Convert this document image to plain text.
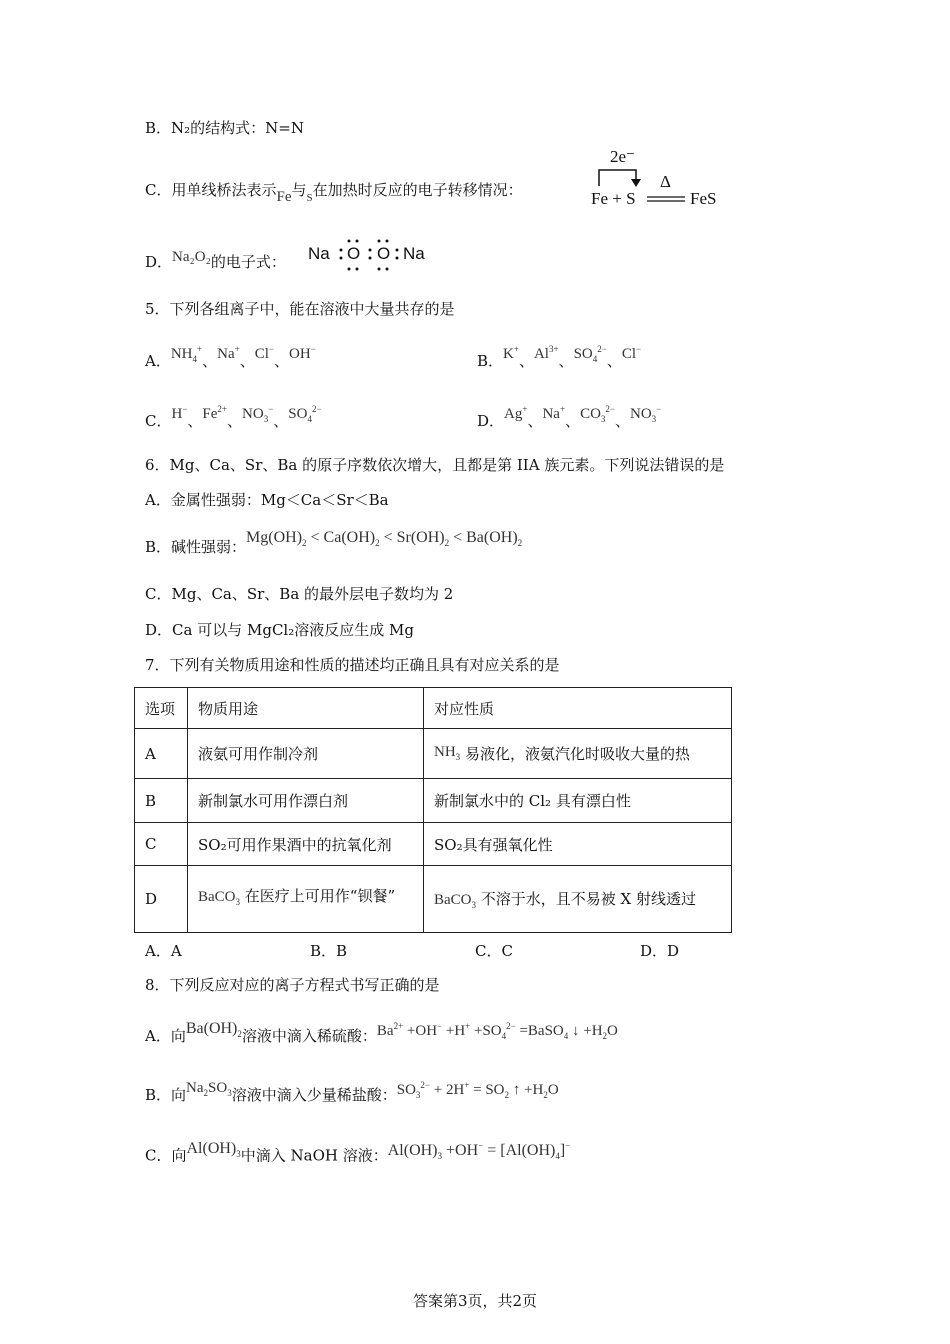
B．N₂的结构式：N=N
C．用单线桥法表示Fe与$_S$在加热时反应的电子转移情况：
2e⁻
Δ
Fe + S	FeS
D．Na₂O₂的电子式： Na O O Na
5．下列各组离子中，能在溶液中大量共存的是
A．$NH_4^+$、Na+、Cl−、OH−
B．K+、$Al^{3+}$、$SO_4^{2-}$、Cl−
C．H−、$Fe^{2+}$、$NO_3^-$、$SO_4^{2-}$
D．Ag+、Na+、$CO_3^{2-}$、$NO_3^-$
6．Mg、Ca、Sr、Ba 的原子序数依次增大，且都是第 IIA 族元素。下列说法错误的是
A．金属性强弱：Mg＜Ca＜Sr＜Ba
B．碱性强弱：$Mg(OH)_2 < Ca(OH)_2 < Sr(OH)_2 < Ba(OH)_2$
C．Mg、Ca、Sr、Ba 的最外层电子数均为 2
D．Ca 可以与 MgCl₂溶液反应生成 Mg
7．下列有关物质用途和性质的描述均正确且具有对应关系的是
选项	物质用途	对应性质
A	液氨可用作制冷剂	$NH_3$ 易液化，液氨汽化时吸收大量的热
B	新制氯水可用作漂白剂	新制氯水中的 Cl₂ 具有漂白性
C	SO₂可用作果酒中的抗氧化剂	SO₂具有强氧化性
D	BaCO$_3$ 在医疗上可用作“钡餐”	BaCO$_3$ 不溶于水，且不易被 X 射线透过
A．A	B．B	C．C	D．D
8．下列反应对应的离子方程式书写正确的是
A．向$Ba(OH)_2$溶液中滴入稀硫酸：$Ba^{2+} +OH^- +H^+ +SO_4^{2-}$ =BaSO$_4$ ↓ $+H_2O$
B．向$Na_2SO_3$溶液中滴入少量稀盐酸：$SO_3^{2-} + 2H^+ = SO_2$ ↑ $+H_2O$
C．向$Al(OH)_3$中滴入 NaOH 溶液：$Al(OH)_3 +OH^- = [Al(OH)_4]^-$
答案第3页，共2页
